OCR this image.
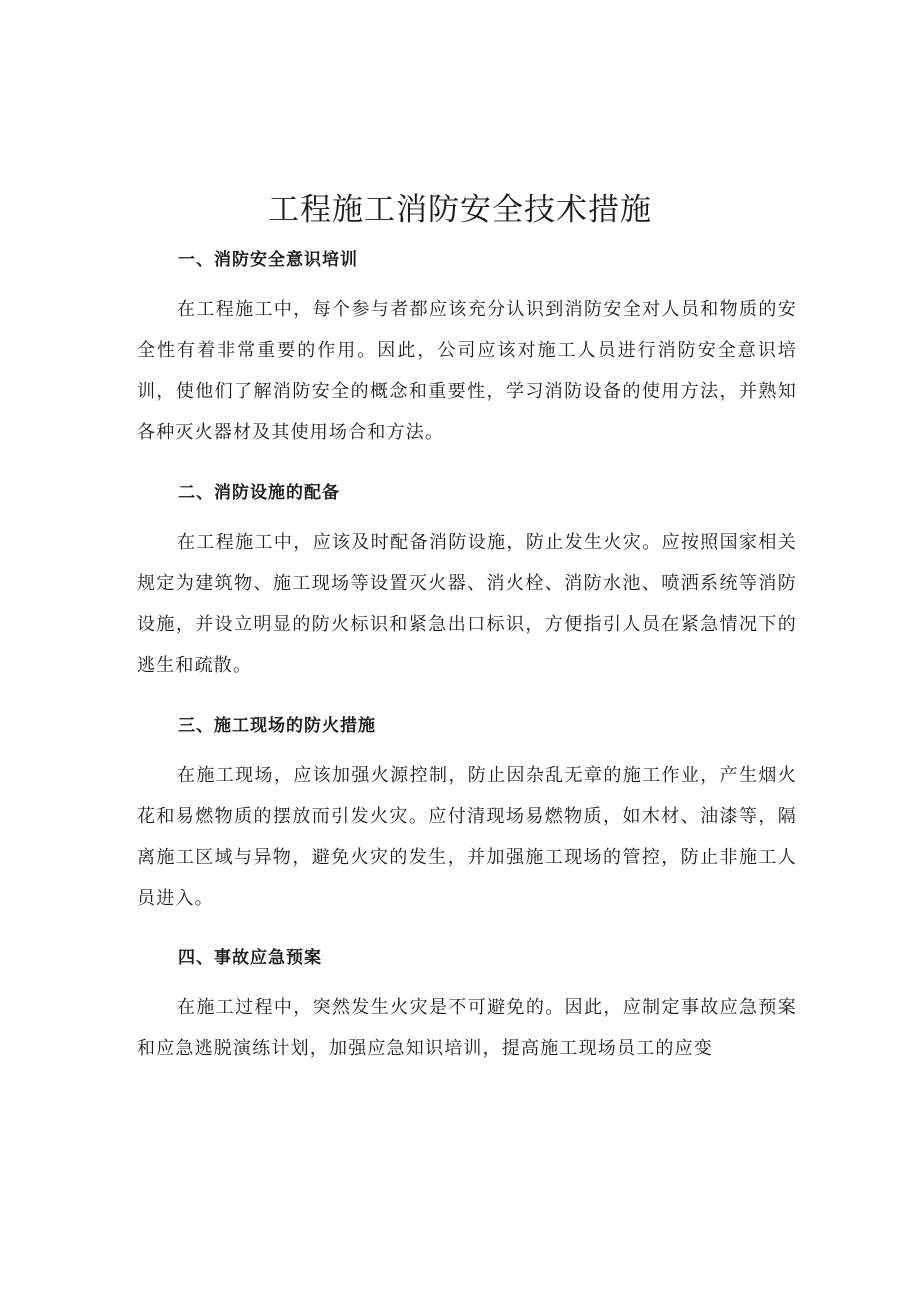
工程施工消防安全技术措施
一、消防安全意识培训

在工程施工中，每个参与者都应该充分认识到消防安全对人员和物质的安全性有着非常重要的作用。因此，公司应该对施工人员进行消防安全意识培训，使他们了解消防安全的概念和重要性，学习消防设备的使用方法，并熟知各种灭火器材及其使用场合和方法。

二、消防设施的配备

在工程施工中，应该及时配备消防设施，防止发生火灾。应按照国家相关规定为建筑物、施工现场等设置灭火器、消火栓、消防水池、喷洒系统等消防设施，并设立明显的防火标识和紧急出口标识，方便指引人员在紧急情况下的逃生和疏散。

三、施工现场的防火措施

在施工现场，应该加强火源控制，防止因杂乱无章的施工作业，产生烟火花和易燃物质的摆放而引发火灾。应付清现场易燃物质，如木材、油漆等，隔离施工区域与异物，避免火灾的发生，并加强施工现场的管控，防止非施工人员进入。

四、事故应急预案

在施工过程中，突然发生火灾是不可避免的。因此，应制定事故应急预案和应急逃脱演练计划，加强应急知识培训，提高施工现场员工的应变
